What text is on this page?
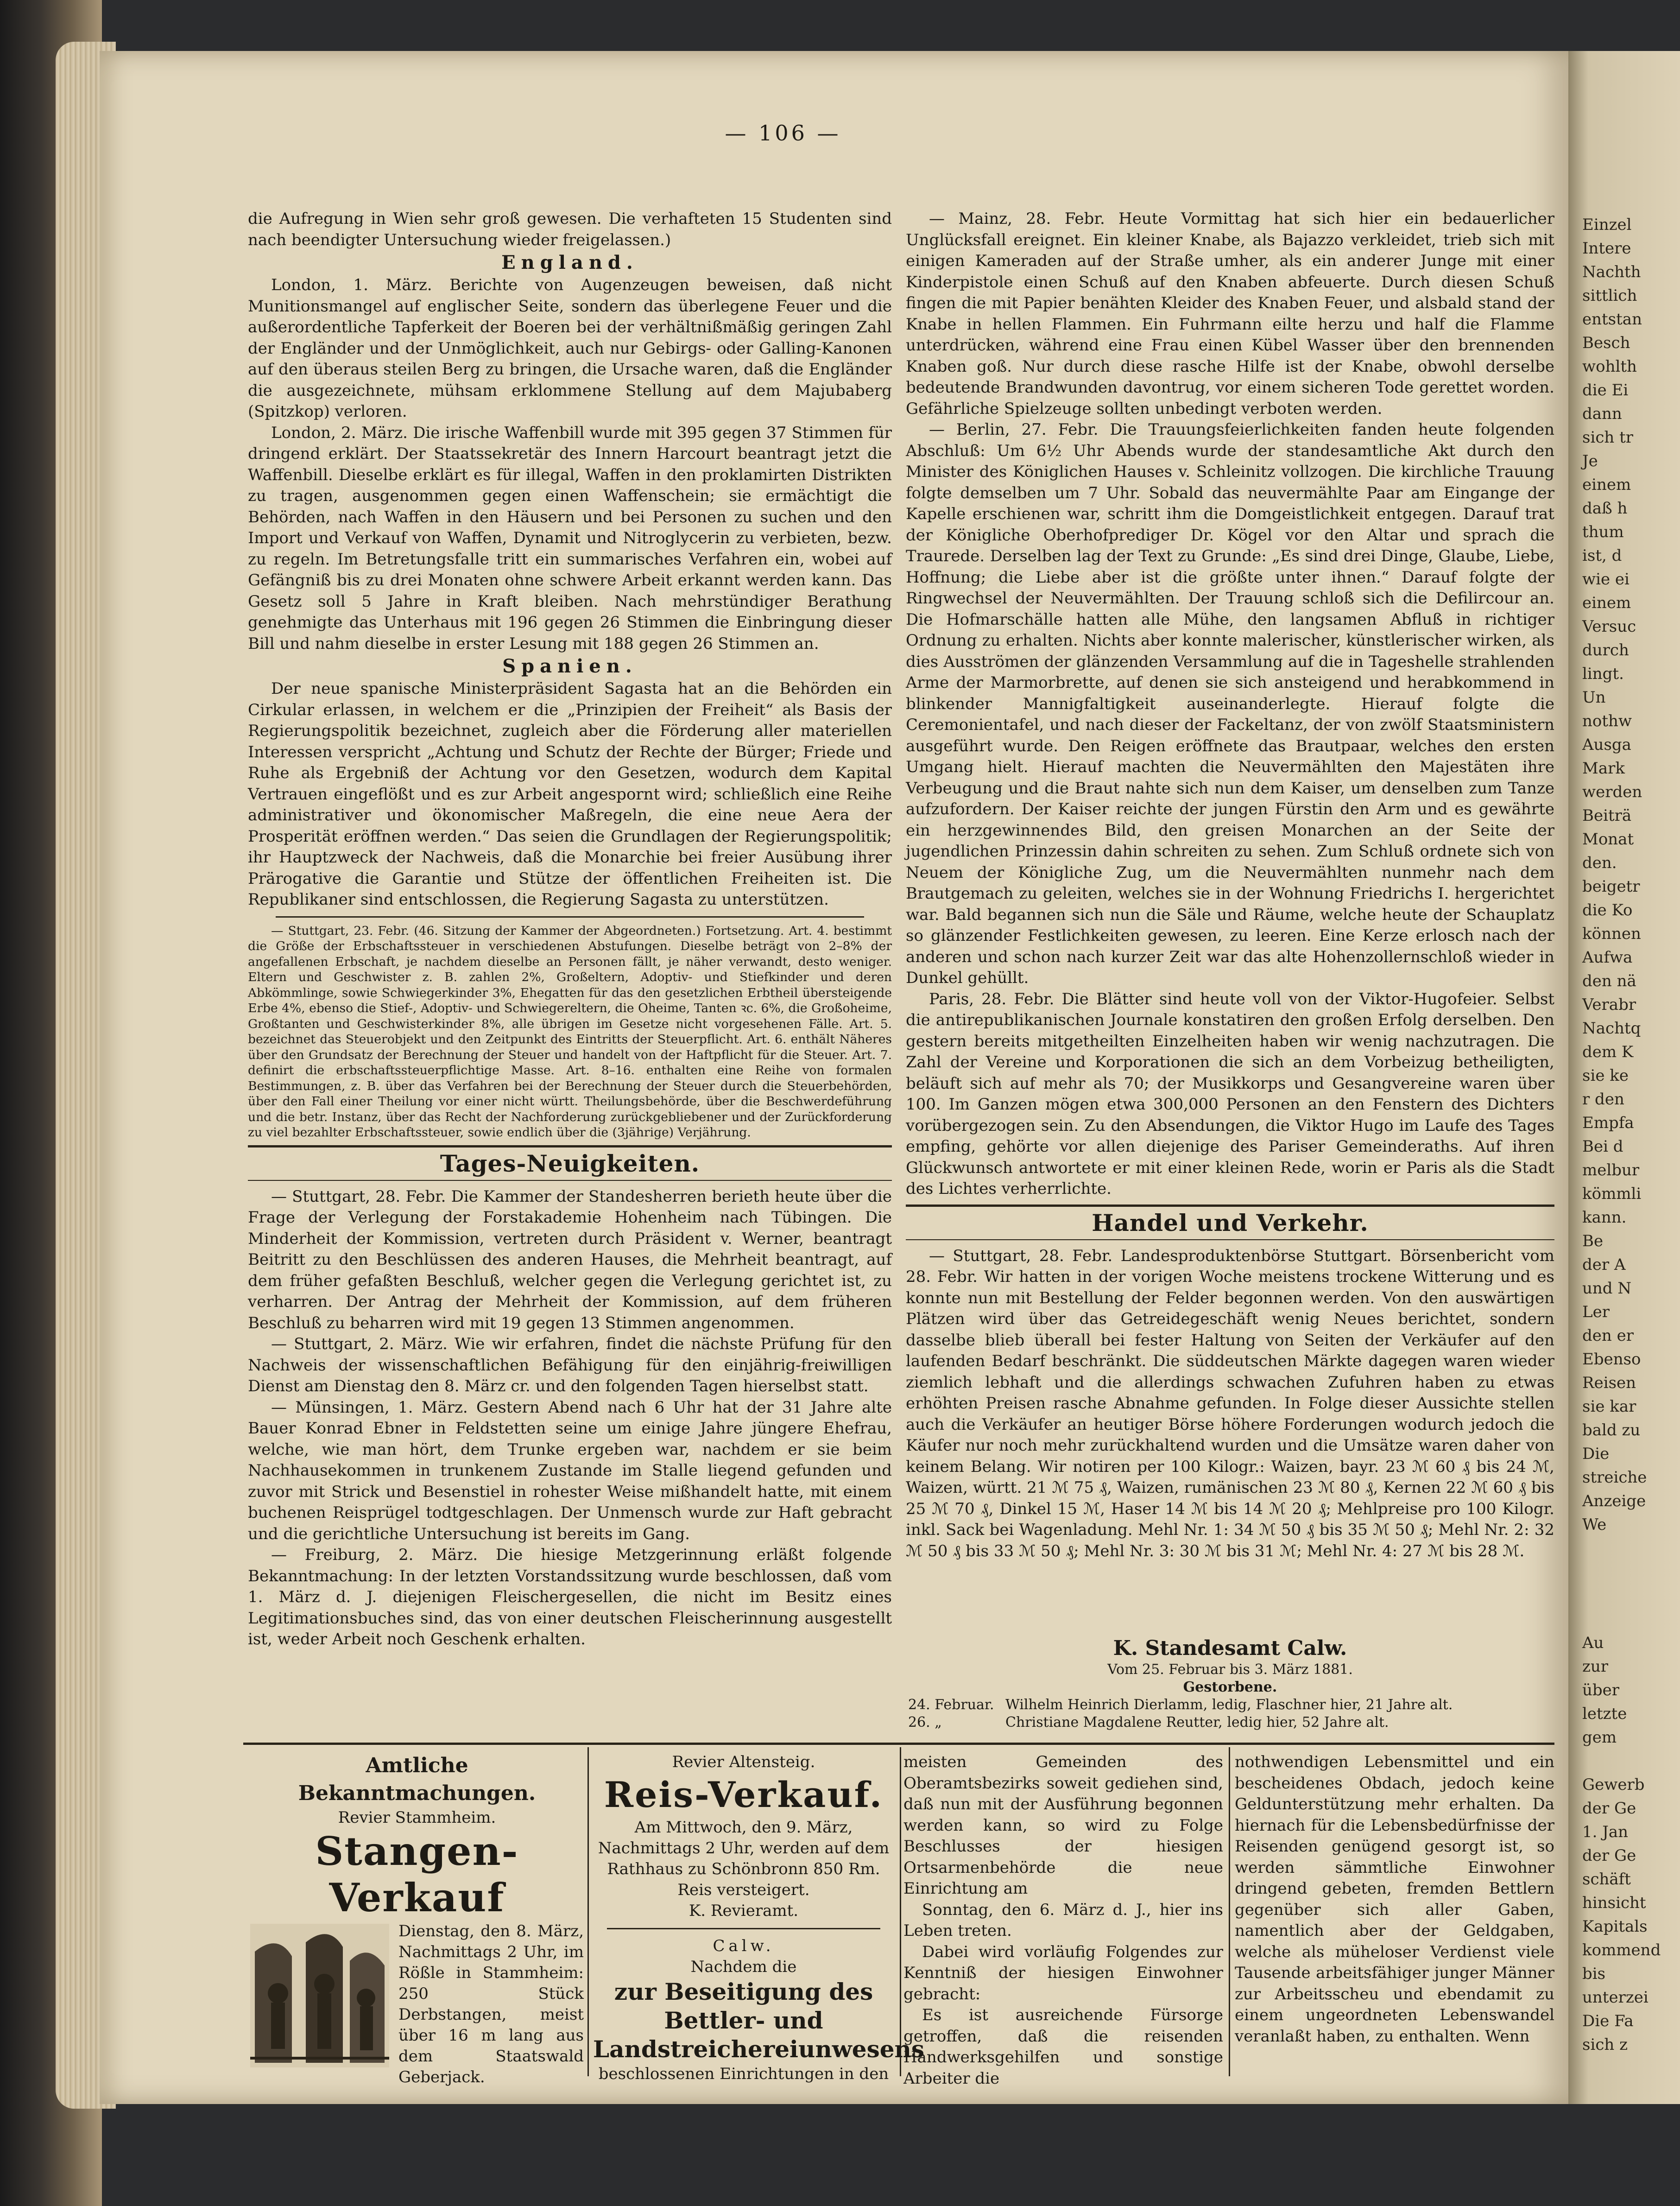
Einzel

Intere

Nachth

sittlich

entstan

Besch

wohlth

die Ei

dann

sich tr

Je

einem

daß h

thum

ist, d

wie ei

einem

Versuc

durch

lingt.

Un

nothw

Ausga

Mark

werden

Beiträ

Monat

den.

beigetr

die Ko

können

Aufwa

den nä

Verabr

Nachtq

dem K

sie ke

r den

Empfa

Bei d

melbur

kömmli

kann.

Be

der A

und N

Ler

den er

Ebenso

Reisen

sie kar

bald zu

Die

streiche

Anzeige

We

Au

zur

über

letzte

gem

Gewerb

der Ge

1. Jan

der Ge

schäft

hinsicht

Kapitals

kommend

bis

unterzei

Die Fa

sich z

— 106 —

die Aufregung in Wien sehr groß gewesen. Die verhafteten 15 Studenten sind nach beendigter Untersuchung wieder freigelassen.)

England.

London, 1. März. Berichte von Augenzeugen beweisen, daß nicht Munitionsmangel auf englischer Seite, sondern das überlegene Feuer und die außerordentliche Tapferkeit der Boeren bei der verhältnißmäßig geringen Zahl der Engländer und der Unmöglichkeit, auch nur Gebirgs- oder Galling-Kanonen auf den überaus steilen Berg zu bringen, die Ursache waren, daß die Engländer die ausgezeichnete, mühsam erklommene Stellung auf dem Majubaberg (Spitzkop) verloren.

London, 2. März. Die irische Waffenbill wurde mit 395 gegen 37 Stimmen für dringend erklärt. Der Staatssekretär des Innern Harcourt beantragt jetzt die Waffenbill. Dieselbe erklärt es für illegal, Waffen in den proklamirten Distrikten zu tragen, ausgenommen gegen einen Waffenschein; sie ermächtigt die Behörden, nach Waffen in den Häusern und bei Personen zu suchen und den Import und Verkauf von Waffen, Dynamit und Nitroglycerin zu verbieten, bezw. zu regeln. Im Betretungsfalle tritt ein summarisches Verfahren ein, wobei auf Gefängniß bis zu drei Monaten ohne schwere Arbeit erkannt werden kann. Das Gesetz soll 5 Jahre in Kraft bleiben. Nach mehrstündiger Berathung genehmigte das Unterhaus mit 196 gegen 26 Stimmen die Einbringung dieser Bill und nahm dieselbe in erster Lesung mit 188 gegen 26 Stimmen an.

Spanien.

Der neue spanische Ministerpräsident Sagasta hat an die Behörden ein Cirkular erlassen, in welchem er die „Prinzipien der Freiheit“ als Basis der Regierungspolitik bezeichnet, zugleich aber die Förderung aller materiellen Interessen verspricht „Achtung und Schutz der Rechte der Bürger; Friede und Ruhe als Ergebniß der Achtung vor den Gesetzen, wodurch dem Kapital Vertrauen eingeflößt und es zur Arbeit angespornt wird; schließlich eine Reihe administrativer und ökonomischer Maßregeln, die eine neue Aera der Prosperität eröffnen werden.“ Das seien die Grundlagen der Regierungspolitik; ihr Hauptzweck der Nachweis, daß die Monarchie bei freier Ausübung ihrer Prärogative die Garantie und Stütze der öffentlichen Freiheiten ist. Die Republikaner sind entschlossen, die Regierung Sagasta zu unterstützen.

— Stuttgart, 23. Febr. (46. Sitzung der Kammer der Abgeordneten.) Fortsetzung. Art. 4. bestimmt die Größe der Erbschaftssteuer in verschiedenen Abstufungen. Dieselbe beträgt von 2–8% der angefallenen Erbschaft, je nachdem dieselbe an Personen fällt, je näher verwandt, desto weniger. Eltern und Geschwister z. B. zahlen 2%, Großeltern, Adoptiv- und Stiefkinder und deren Abkömmlinge, sowie Schwiegerkinder 3%, Ehegatten für das den gesetzlichen Erbtheil übersteigende Erbe 4%, ebenso die Stief-, Adoptiv- und Schwiegereltern, die Oheime, Tanten ꝛc. 6%, die Großoheime, Großtanten und Geschwisterkinder 8%, alle übrigen im Gesetze nicht vorgesehenen Fälle. Art. 5. bezeichnet das Steuerobjekt und den Zeitpunkt des Eintritts der Steuerpflicht. Art. 6. enthält Näheres über den Grundsatz der Berechnung der Steuer und handelt von der Haftpflicht für die Steuer. Art. 7. definirt die erbschaftssteuerpflichtige Masse. Art. 8–16. enthalten eine Reihe von formalen Bestimmungen, z. B. über das Verfahren bei der Berechnung der Steuer durch die Steuerbehörden, über den Fall einer Theilung vor einer nicht württ. Theilungsbehörde, über die Beschwerdeführung und die betr. Instanz, über das Recht der Nachforderung zurückgebliebener und der Zurückforderung zu viel bezahlter Erbschaftssteuer, sowie endlich über die (3jährige) Verjährung.

Tages-Neuigkeiten.

— Stuttgart, 28. Febr. Die Kammer der Standesherren berieth heute über die Frage der Verlegung der Forstakademie Hohenheim nach Tübingen. Die Minderheit der Kommission, vertreten durch Präsident v. Werner, beantragt Beitritt zu den Beschlüssen des anderen Hauses, die Mehrheit beantragt, auf dem früher gefaßten Beschluß, welcher gegen die Verlegung gerichtet ist, zu verharren. Der Antrag der Mehrheit der Kommission, auf dem früheren Beschluß zu beharren wird mit 19 gegen 13 Stimmen angenommen.

— Stuttgart, 2. März. Wie wir erfahren, findet die nächste Prüfung für den Nachweis der wissenschaftlichen Befähigung für den einjährig-freiwilligen Dienst am Dienstag den 8. März cr. und den folgenden Tagen hierselbst statt.

— Münsingen, 1. März. Gestern Abend nach 6 Uhr hat der 31 Jahre alte Bauer Konrad Ebner in Feldstetten seine um einige Jahre jüngere Ehefrau, welche, wie man hört, dem Trunke ergeben war, nachdem er sie beim Nachhausekommen in trunkenem Zustande im Stalle liegend gefunden und zuvor mit Strick und Besenstiel in rohester Weise mißhandelt hatte, mit einem buchenen Reisprügel todtgeschlagen. Der Unmensch wurde zur Haft gebracht und die gerichtliche Untersuchung ist bereits im Gang.

— Freiburg, 2. März. Die hiesige Metzgerinnung erläßt folgende Bekanntmachung: In der letzten Vorstandssitzung wurde beschlossen, daß vom 1. März d. J. diejenigen Fleischergesellen, die nicht im Besitz eines Legitimationsbuches sind, das von einer deutschen Fleischerinnung ausgestellt ist, weder Arbeit noch Geschenk erhalten.

— Mainz, 28. Febr. Heute Vormittag hat sich hier ein bedauerlicher Unglücksfall ereignet. Ein kleiner Knabe, als Bajazzo verkleidet, trieb sich mit einigen Kameraden auf der Straße umher, als ein anderer Junge mit einer Kinderpistole einen Schuß auf den Knaben abfeuerte. Durch diesen Schuß fingen die mit Papier benähten Kleider des Knaben Feuer, und alsbald stand der Knabe in hellen Flammen. Ein Fuhrmann eilte herzu und half die Flamme unterdrücken, während eine Frau einen Kübel Wasser über den brennenden Knaben goß. Nur durch diese rasche Hilfe ist der Knabe, obwohl derselbe bedeutende Brandwunden davontrug, vor einem sicheren Tode gerettet worden. Gefährliche Spielzeuge sollten unbedingt verboten werden.

— Berlin, 27. Febr. Die Trauungsfeierlichkeiten fanden heute folgenden Abschluß: Um 6½ Uhr Abends wurde der standesamtliche Akt durch den Minister des Königlichen Hauses v. Schleinitz vollzogen. Die kirchliche Trauung folgte demselben um 7 Uhr. Sobald das neuvermählte Paar am Eingange der Kapelle erschienen war, schritt ihm die Domgeistlichkeit entgegen. Darauf trat der Königliche Oberhofprediger Dr. Kögel vor den Altar und sprach die Traurede. Derselben lag der Text zu Grunde: „Es sind drei Dinge, Glaube, Liebe, Hoffnung; die Liebe aber ist die größte unter ihnen.“ Darauf folgte der Ringwechsel der Neuvermählten. Der Trauung schloß sich die Defilircour an. Die Hofmarschälle hatten alle Mühe, den langsamen Abfluß in richtiger Ordnung zu erhalten. Nichts aber konnte malerischer, künstlerischer wirken, als dies Ausströmen der glänzenden Versammlung auf die in Tageshelle strahlenden Arme der Marmorbrette, auf denen sie sich ansteigend und herabkommend in blinkender Mannigfaltigkeit auseinanderlegte. Hierauf folgte die Ceremonientafel, und nach dieser der Fackeltanz, der von zwölf Staatsministern ausgeführt wurde. Den Reigen eröffnete das Brautpaar, welches den ersten Umgang hielt. Hierauf machten die Neuvermählten den Majestäten ihre Verbeugung und die Braut nahte sich nun dem Kaiser, um denselben zum Tanze aufzufordern. Der Kaiser reichte der jungen Fürstin den Arm und es gewährte ein herzgewinnendes Bild, den greisen Monarchen an der Seite der jugendlichen Prinzessin dahin schreiten zu sehen. Zum Schluß ordnete sich von Neuem der Königliche Zug, um die Neuvermählten nunmehr nach dem Brautgemach zu geleiten, welches sie in der Wohnung Friedrichs I. hergerichtet war. Bald begannen sich nun die Säle und Räume, welche heute der Schauplatz so glänzender Festlichkeiten gewesen, zu leeren. Eine Kerze erlosch nach der anderen und schon nach kurzer Zeit war das alte Hohenzollernschloß wieder in Dunkel gehüllt.

Paris, 28. Febr. Die Blätter sind heute voll von der Viktor-Hugofeier. Selbst die antirepublikanischen Journale konstatiren den großen Erfolg derselben. Den gestern bereits mitgetheilten Einzelheiten haben wir wenig nachzutragen. Die Zahl der Vereine und Korporationen die sich an dem Vorbeizug betheiligten, beläuft sich auf mehr als 70; der Musikkorps und Gesangvereine waren über 100. Im Ganzen mögen etwa 300,000 Personen an den Fenstern des Dichters vorübergezogen sein. Zu den Absendungen, die Viktor Hugo im Laufe des Tages empfing, gehörte vor allen diejenige des Pariser Gemeinderaths. Auf ihren Glückwunsch antwortete er mit einer kleinen Rede, worin er Paris als die Stadt des Lichtes verherrlichte.

Handel und Verkehr.

— Stuttgart, 28. Febr. Landesproduktenbörse Stuttgart. Börsenbericht vom 28. Febr. Wir hatten in der vorigen Woche meistens trockene Witterung und es konnte nun mit Bestellung der Felder begonnen werden. Von den auswärtigen Plätzen wird über das Getreidegeschäft wenig Neues berichtet, sondern dasselbe blieb überall bei fester Haltung von Seiten der Verkäufer auf den laufenden Bedarf beschränkt. Die süddeutschen Märkte dagegen waren wieder ziemlich lebhaft und die allerdings schwachen Zufuhren haben zu etwas erhöhten Preisen rasche Abnahme gefunden. In Folge dieser Aussichte stellen auch die Verkäufer an heutiger Börse höhere Forderungen wodurch jedoch die Käufer nur noch mehr zurückhaltend wurden und die Umsätze waren daher von keinem Belang. Wir notiren per 100 Kilogr.: Waizen, bayr. 23 ℳ 60 ₰ bis 24 ℳ, Waizen, württ. 21 ℳ 75 ₰, Waizen, rumänischen 23 ℳ 80 ₰, Kernen 22 ℳ 60 ₰ bis 25 ℳ 70 ₰, Dinkel 15 ℳ, Haser 14 ℳ bis 14 ℳ 20 ₰; Mehlpreise pro 100 Kilogr. inkl. Sack bei Wagenladung. Mehl Nr. 1: 34 ℳ 50 ₰ bis 35 ℳ 50 ₰; Mehl Nr. 2: 32 ℳ 50 ₰ bis 33 ℳ 50 ₰; Mehl Nr. 3: 30 ℳ bis 31 ℳ; Mehl Nr. 4: 27 ℳ bis 28 ℳ.

K. Standesamt Calw.
Vom 25. Februar bis 3. März 1881.
Gestorbene.
24. Februar. Wilhelm Heinrich Dierlamm, ledig, Flaschner hier, 21 Jahre alt.
26. „	Christiane Magdalene Reutter, ledig hier, 52 Jahre alt.
Amtliche Bekanntmachungen.
Revier Stammheim.
Stangen-Verkauf
Dienstag, den 8. März, Nachmittags 2 Uhr, im Rößle in Stammheim: 250 Stück Derbstangen, meist über 16 m lang aus dem Staatswald Geberjack.
Revier Altensteig.
Reis-Verkauf.
Am Mittwoch, den 9. März, Nachmittags 2 Uhr, werden auf dem Rathhaus zu Schönbronn 850 Rm. Reis versteigert.
K. Revieramt.
Calw.
Nachdem die
zur Beseitigung des Bettler- und Landstreichereiunwesens
beschlossenen Einrichtungen in den

meisten Gemeinden des Oberamtsbezirks soweit gediehen sind, daß nun mit der Ausführung begonnen werden kann, so wird zu Folge Beschlusses der hiesigen Ortsarmenbehörde die neue Einrichtung am

Sonntag, den 6. März d. J., hier ins Leben treten.

Dabei wird vorläufig Folgendes zur Kenntniß der hiesigen Einwohner gebracht:

Es ist ausreichende Fürsorge getroffen, daß die reisenden Handwerksgehilfen und sonstige Arbeiter die

nothwendigen Lebensmittel und ein bescheidenes Obdach, jedoch keine Geldunterstützung mehr erhalten. Da hiernach für die Lebensbedürfnisse der Reisenden genügend gesorgt ist, so werden sämmtliche Einwohner dringend gebeten, fremden Bettlern gegenüber sich aller Gaben, namentlich aber der Geldgaben, welche als müheloser Verdienst viele Tausende arbeitsfähiger junger Männer zur Arbeitsscheu und ebendamit zu einem ungeordneten Lebenswandel veranlaßt haben, zu enthalten. Wenn
